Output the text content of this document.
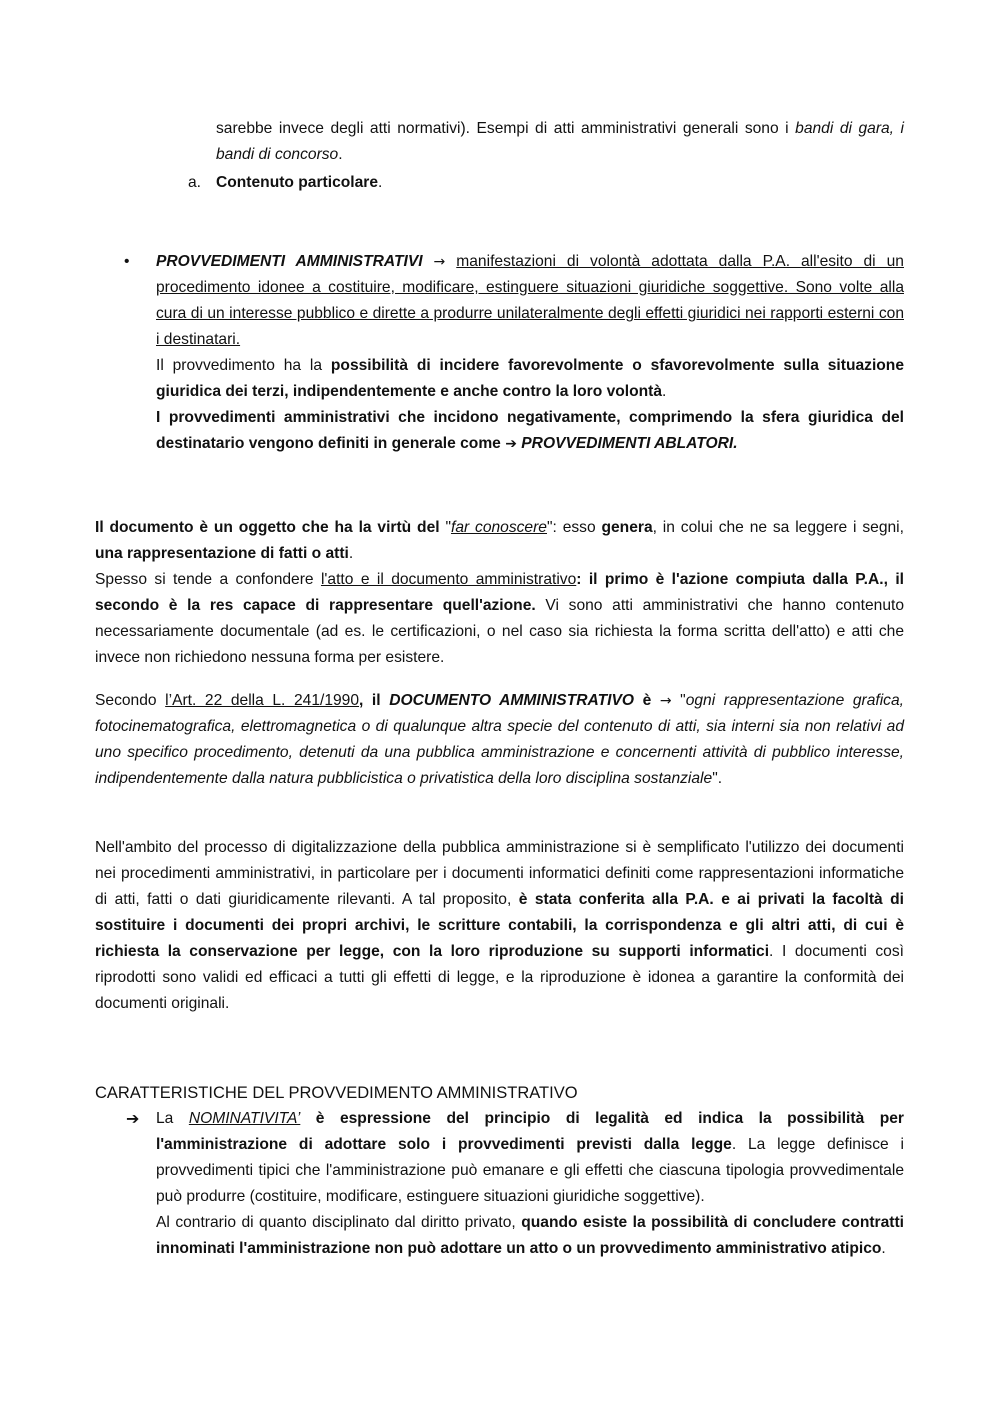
sarebbe invece degli atti normativi). Esempi di atti amministrativi generali sono i bandi di gara, i bandi di concorso.

a. Contenuto particolare.

• PROVVEDIMENTI AMMINISTRATIVI → manifestazioni di volontà adottata dalla P.A. all'esito di un procedimento idonee a costituire, modificare, estinguere situazioni giuridiche soggettive. Sono volte alla cura di un interesse pubblico e dirette a produrre unilateralmente degli effetti giuridici nei rapporti esterni con i destinatari.

Il provvedimento ha la possibilità di incidere favorevolmente o sfavorevolmente sulla situazione giuridica dei terzi, indipendentemente e anche contro la loro volontà.

I provvedimenti amministrativi che incidono negativamente, comprimendo la sfera giuridica del destinatario vengono definiti in generale come ➔ PROVVEDIMENTI ABLATORI.

Il documento è un oggetto che ha la virtù del "far conoscere": esso genera, in colui che ne sa leggere i segni, una rappresentazione di fatti o atti.
Spesso si tende a confondere l'atto e il documento amministrativo: il primo è l'azione compiuta dalla P.A., il secondo è la res capace di rappresentare quell'azione. Vi sono atti amministrativi che hanno contenuto necessariamente documentale (ad es. le certificazioni, o nel caso sia richiesta la forma scritta dell'atto) e atti che invece non richiedono nessuna forma per esistere.

Secondo l’Art. 22 della L. 241/1990, il DOCUMENTO AMMINISTRATIVO è → "ogni rappresentazione grafica, fotocinematografica, elettromagnetica o di qualunque altra specie del contenuto di atti, sia interni sia non relativi ad uno specifico procedimento, detenuti da una pubblica amministrazione e concernenti attività di pubblico interesse, indipendentemente dalla natura pubblicistica o privatistica della loro disciplina sostanziale".

Nell'ambito del processo di digitalizzazione della pubblica amministrazione si è semplificato l'utilizzo dei documenti nei procedimenti amministrativi, in particolare per i documenti informatici definiti come rappresentazioni informatiche di atti, fatti o dati giuridicamente rilevanti. A tal proposito, è stata conferita alla P.A. e ai privati la facoltà di sostituire i documenti dei propri archivi, le scritture contabili, la corrispondenza e gli altri atti, di cui è richiesta la conservazione per legge, con la loro riproduzione su supporti informatici. I documenti così riprodotti sono validi ed efficaci a tutti gli effetti di legge, e la riproduzione è idonea a garantire la conformità dei documenti originali.

CARATTERISTICHE DEL PROVVEDIMENTO AMMINISTRATIVO
➔ La NOMINATIVITA’ è espressione del principio di legalità ed indica la possibilità per l'amministrazione di adottare solo i provvedimenti previsti dalla legge. La legge definisce i provvedimenti tipici che l'amministrazione può emanare e gli effetti che ciascuna tipologia provvedimentale può produrre (costituire, modificare, estinguere situazioni giuridiche soggettive).

Al contrario di quanto disciplinato dal diritto privato, quando esiste la possibilità di concludere contratti innominati l'amministrazione non può adottare un atto o un provvedimento amministrativo atipico.
